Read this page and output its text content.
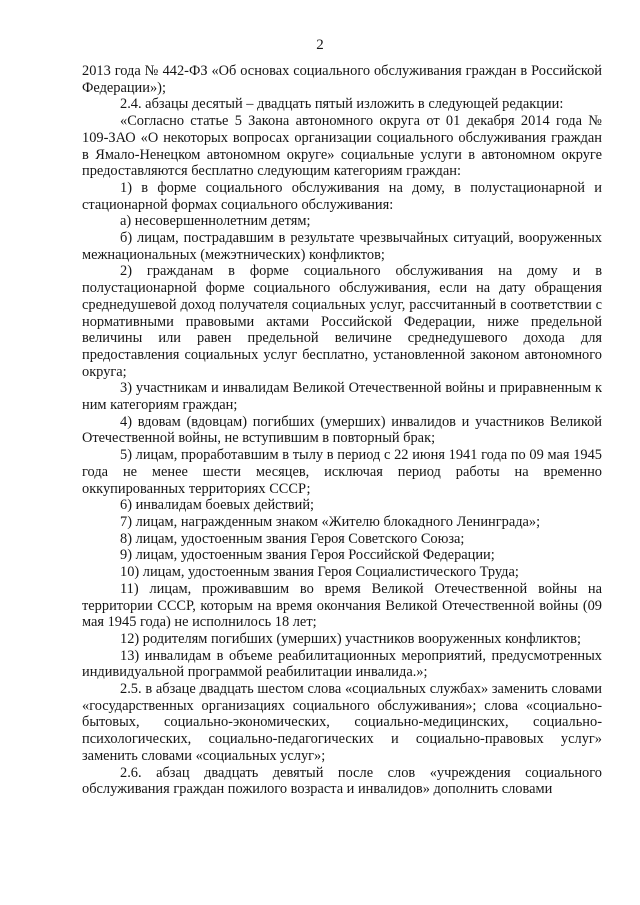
2

2013 года № 442-ФЗ «Об основах социального обслуживания граждан в Российской Федерации»);

2.4. абзацы десятый – двадцать пятый изложить в следующей редакции:

«Согласно статье 5 Закона автономного округа от 01 декабря 2014 года № 109-ЗАО «О некоторых вопросах организации социального обслуживания граждан в Ямало-Ненецком автономном округе» социальные услуги в автономном округе предоставляются бесплатно следующим категориям граждан:

1) в форме социального обслуживания на дому, в полустационарной и стационарной формах социального обслуживания:

а) несовершеннолетним детям;

б) лицам, пострадавшим в результате чрезвычайных ситуаций, вооруженных межнациональных (межэтнических) конфликтов;

2) гражданам в форме социального обслуживания на дому и в полустационарной форме социального обслуживания, если на дату обращения среднедушевой доход получателя социальных услуг, рассчитанный в соответствии с нормативными правовыми актами Российской Федерации, ниже предельной величины или равен предельной величине среднедушевого дохода для предоставления социальных услуг бесплатно, установленной законом автономного округа;

3) участникам и инвалидам Великой Отечественной войны и приравненным к ним категориям граждан;

4) вдовам (вдовцам) погибших (умерших) инвалидов и участников Великой Отечественной войны, не вступившим в повторный брак;

5) лицам, проработавшим в тылу в период с 22 июня 1941 года по 09 мая 1945 года не менее шести месяцев, исключая период работы на временно оккупированных территориях СССР;

6) инвалидам боевых действий;

7) лицам, награжденным знаком «Жителю блокадного Ленинграда»;

8) лицам, удостоенным звания Героя Советского Союза;

9) лицам, удостоенным звания Героя Российской Федерации;

10) лицам, удостоенным звания Героя Социалистического Труда;

11) лицам, проживавшим во время Великой Отечественной войны на территории СССР, которым на время окончания Великой Отечественной войны (09 мая 1945 года) не исполнилось 18 лет;

12) родителям погибших (умерших) участников вооруженных конфликтов;

13) инвалидам в объеме реабилитационных мероприятий, предусмотренных индивидуальной программой реабилитации инвалида.»;

2.5. в абзаце двадцать шестом слова «социальных службах» заменить словами «государственных организациях социального обслуживания»; слова «социально-бытовых, социально-экономических, социально-медицинских, социально-психологических, социально-педагогических и социально-правовых услуг» заменить словами «социальных услуг»;

2.6. абзац двадцать девятый после слов «учреждения социального обслуживания граждан пожилого возраста и инвалидов» дополнить словами
